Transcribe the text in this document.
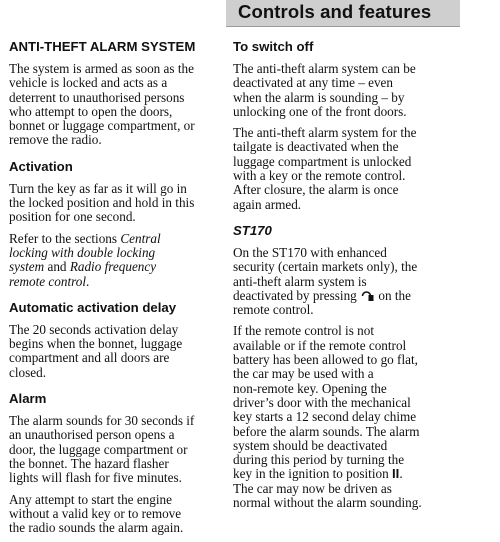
Controls and features
ANTI-THEFT ALARM SYSTEM

The system is armed as soon as the
vehicle is locked and acts as a
deterrent to unauthorised persons
who attempt to open the doors,
bonnet or luggage compartment, or
remove the radio.

Activation

Turn the key as far as it will go in
the locked position and hold in this
position for one second.

Refer to the sections Central
locking with double locking
system and Radio frequency
remote control.

Automatic activation delay

The 20 seconds activation delay
begins when the bonnet, luggage
compartment and all doors are
closed.

Alarm

The alarm sounds for 30 seconds if
an unauthorised person opens a
door, the luggage compartment or
the bonnet. The hazard flasher
lights will flash for five minutes.

Any attempt to start the engine
without a valid key or to remove
the radio sounds the alarm again.

To switch off

The anti-theft alarm system can be
deactivated at any time – even
when the alarm is sounding – by
unlocking one of the front doors.

The anti-theft alarm system for the
tailgate is deactivated when the
luggage compartment is unlocked
with a key or the remote control.
After closure, the alarm is once
again armed.

ST170

On the ST170 with enhanced
security (certain markets only), the
anti-theft alarm system is
deactivated by pressing  on the
remote control.

If the remote control is not
available or if the remote control
battery has been allowed to go flat,
the car may be used with a
non-remote key. Opening the
driver’s door with the mechanical
key starts a 12 second delay chime
before the alarm sounds. The alarm
system should be deactivated
during this period by turning the
key in the ignition to position II.
The car may now be driven as
normal without the alarm sounding.
